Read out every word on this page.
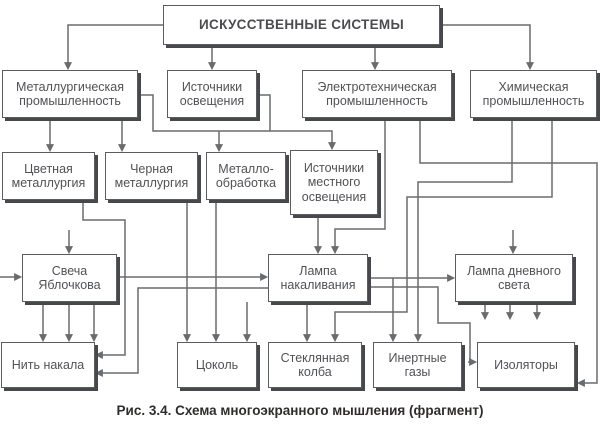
ИСКУССТВЕННЫЕ СИСТЕМЫ
Металлургическая промышленность
Источники освещения
Электротехническая промышленность
Химическая промышленность
Цветная металлургия
Черная металлургия
Металло-обработка
Источники местного освещения
Свеча Яблочкова
Лампа накаливания
Лампа дневного света
Нить накала	Цоколь
Стеклянная колба
Инертные газы
Изоляторы
Рис. 3.4. Схема многоэкранного мышления (фрагмент)
